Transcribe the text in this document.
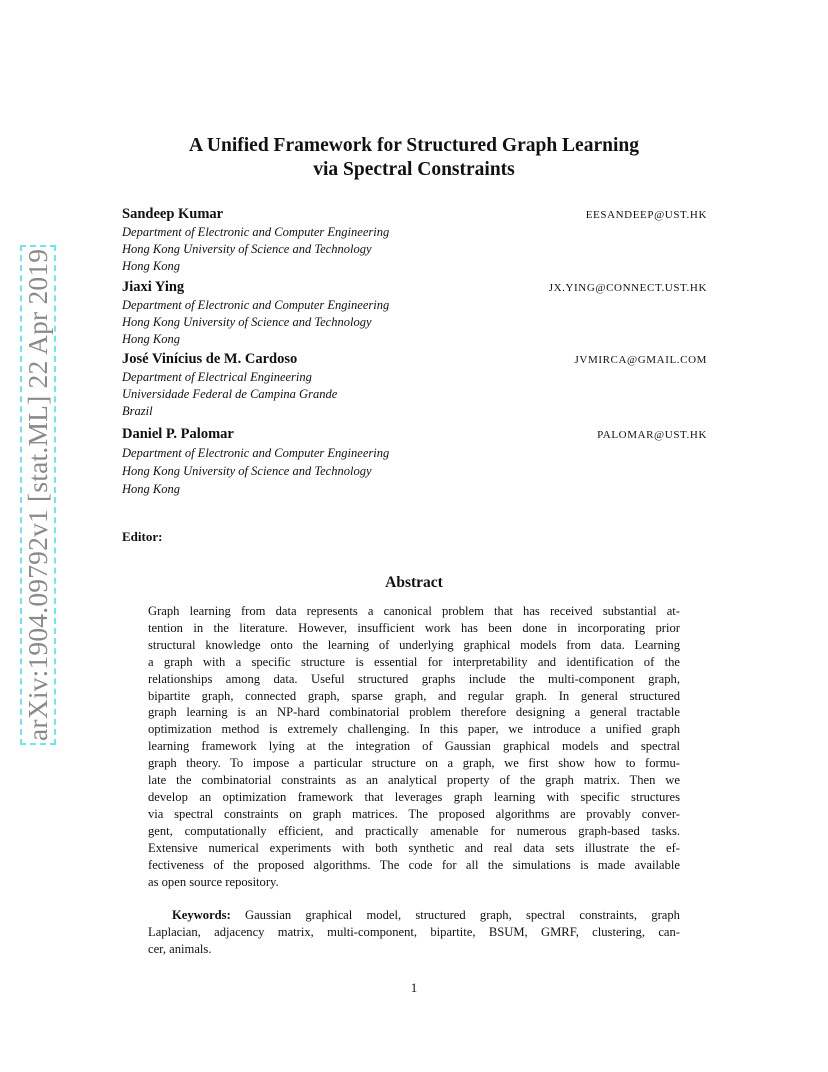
arXiv:1904.09792v1 [stat.ML] 22 Apr 2019
A Unified Framework for Structured Graph Learning
via Spectral Constraints
Sandeep Kumar	EESANDEEP@UST.HK
Department of Electronic and Computer Engineering
Hong Kong University of Science and Technology
Hong Kong
Jiaxi Ying	JX.YING@CONNECT.UST.HK
Department of Electronic and Computer Engineering
Hong Kong University of Science and Technology
Hong Kong
José Vinícius de M. Cardoso	JVMIRCA@GMAIL.COM
Department of Electrical Engineering
Universidade Federal de Campina Grande
Brazil
Daniel P. Palomar	PALOMAR@UST.HK
Department of Electronic and Computer Engineering
Hong Kong University of Science and Technology
Hong Kong
Editor:
Abstract
Graph learning from data represents a canonical problem that has received substantial at-
tention in the literature. However, insufficient work has been done in incorporating prior
structural knowledge onto the learning of underlying graphical models from data. Learning
a graph with a specific structure is essential for interpretability and identification of the
relationships among data. Useful structured graphs include the multi-component graph,
bipartite graph, connected graph, sparse graph, and regular graph. In general structured
graph learning is an NP-hard combinatorial problem therefore designing a general tractable
optimization method is extremely challenging. In this paper, we introduce a unified graph
learning framework lying at the integration of Gaussian graphical models and spectral
graph theory. To impose a particular structure on a graph, we first show how to formu-
late the combinatorial constraints as an analytical property of the graph matrix. Then we
develop an optimization framework that leverages graph learning with specific structures
via spectral constraints on graph matrices. The proposed algorithms are provably conver-
gent, computationally efficient, and practically amenable for numerous graph-based tasks.
Extensive numerical experiments with both synthetic and real data sets illustrate the ef-
fectiveness of the proposed algorithms. The code for all the simulations is made available
as open source repository.
Keywords: Gaussian graphical model, structured graph, spectral constraints, graph
Laplacian, adjacency matrix, multi-component, bipartite, BSUM, GMRF, clustering, can-
cer, animals.
1
